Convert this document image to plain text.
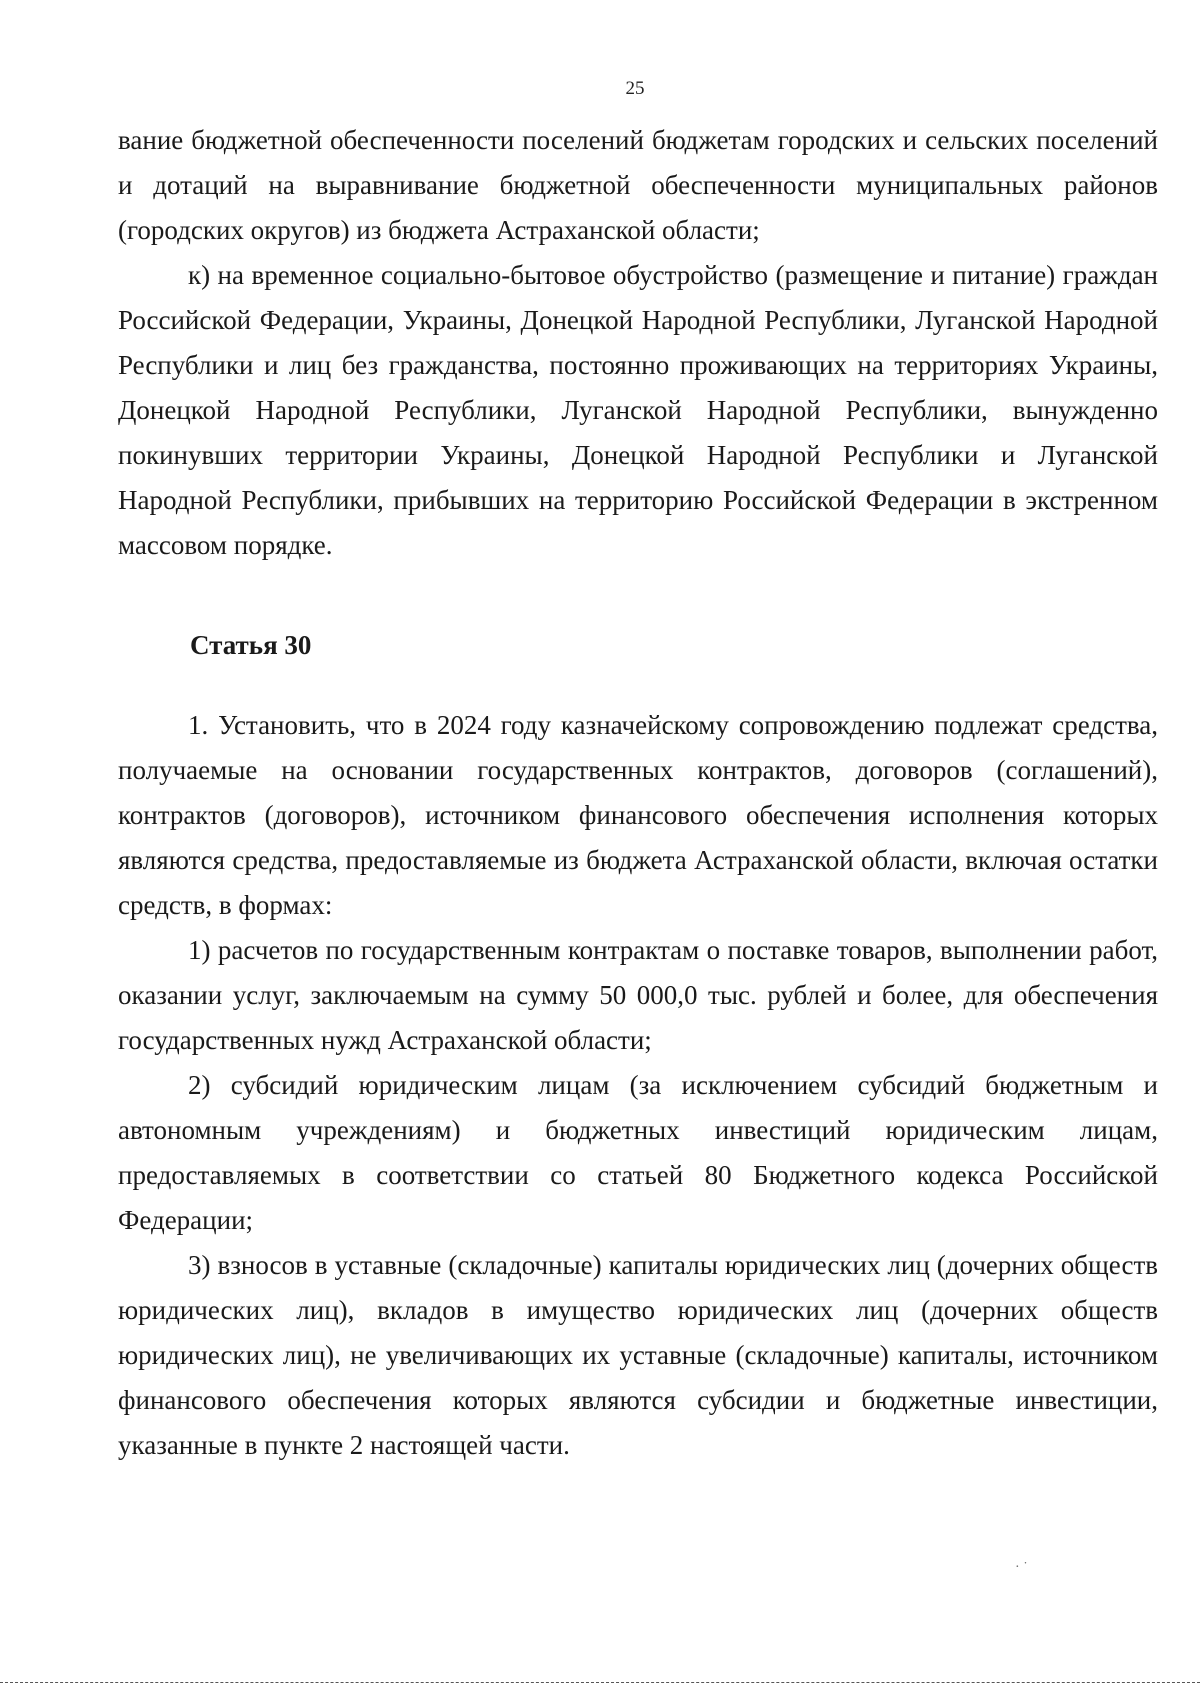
25

вание бюджетной обеспеченности поселений бюджетам городских и сельских поселений и дотаций на выравнивание бюджетной обеспеченности муниципальных районов (городских округов) из бюджета Астраханской области;

к) на временное социально-бытовое обустройство (размещение и питание) граждан Российской Федерации, Украины, Донецкой Народной Республики, Луганской Народной Республики и лиц без гражданства, постоянно проживающих на территориях Украины, Донецкой Народной Республики, Луганской Народной Республики, вынужденно покинувших территории Украины, Донецкой Народной Республики и Луганской Народной Республики, прибывших на территорию Российской Федерации в экстренном массовом порядке.

Статья 30

1. Установить, что в 2024 году казначейскому сопровождению подлежат средства, получаемые на основании государственных контрактов, договоров (соглашений), контрактов (договоров), источником финансового обеспечения исполнения которых являются средства, предоставляемые из бюджета Астраханской области, включая остатки средств, в формах:

1) расчетов по государственным контрактам о поставке товаров, выполнении работ, оказании услуг, заключаемым на сумму 50 000,0 тыс. рублей и более, для обеспечения государственных нужд Астраханской области;

2) субсидий юридическим лицам (за исключением субсидий бюджетным и автономным учреждениям) и бюджетных инвестиций юридическим лицам, предоставляемых в соответствии со статьей 80 Бюджетного кодекса Российской Федерации;

3) взносов в уставные (складочные) капиталы юридических лиц (дочерних обществ юридических лиц), вкладов в имущество юридических лиц (дочерних обществ юридических лиц), не увеличивающих их уставные (складочные) капиталы, источником финансового обеспечения которых являются субсидии и бюджетные инвестиции, указанные в пункте 2 настоящей части.

· ˙
